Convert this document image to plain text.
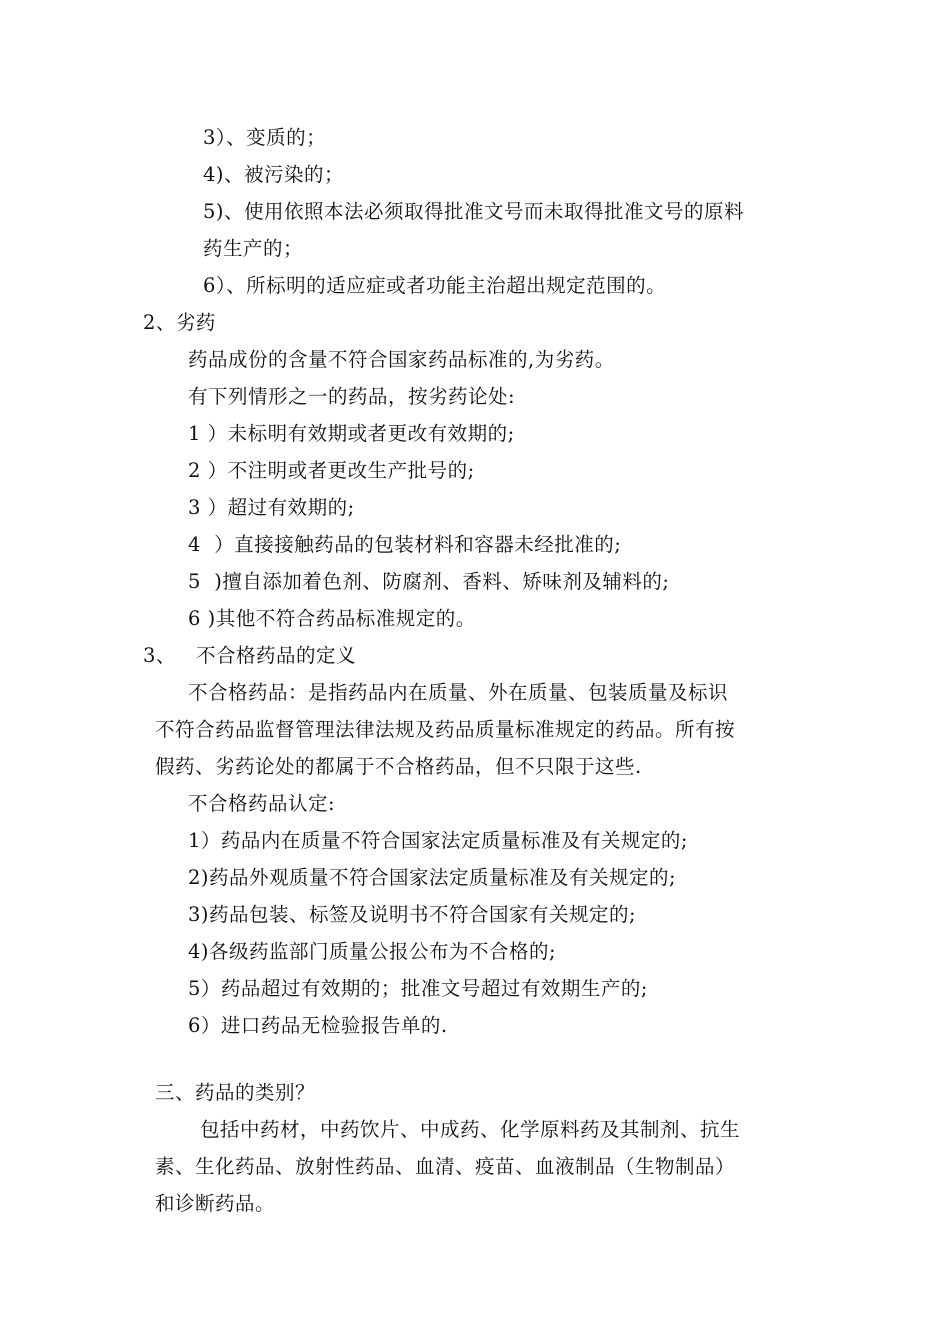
3）、变质的；
4)、被污染的；
5)、使用依照本法必须取得批准文号而未取得批准文号的原料
药生产的；
6）、所标明的适应症或者功能主治超出规定范围的。
2、劣药
药品成份的含量不符合国家药品标准的,为劣药。
有下列情形之一的药品，按劣药论处:
1 ）未标明有效期或者更改有效期的;
2 ）不注明或者更改生产批号的;
3 ）超过有效期的;
4  ）直接接触药品的包装材料和容器未经批准的;
5  )擅自添加着色剂、防腐剂、香料、矫味剂及辅料的;
6 )其他不符合药品标准规定的。
3、   不合格药品的定义
不合格药品：是指药品内在质量、外在质量、包装质量及标识
不符合药品监督管理法律法规及药品质量标准规定的药品。所有按
假药、劣药论处的都属于不合格药品，但不只限于这些.
不合格药品认定:
1）药品内在质量不符合国家法定质量标准及有关规定的;
2)药品外观质量不符合国家法定质量标准及有关规定的;
3)药品包装、标签及说明书不符合国家有关规定的;
4)各级药监部门质量公报公布为不合格的;
5）药品超过有效期的；批准文号超过有效期生产的;
6）进口药品无检验报告单的.
三、药品的类别？
包括中药材，中药饮片、中成药、化学原料药及其制剂、抗生
素、生化药品、放射性药品、血清、疫苗、血液制品（生物制品）
和诊断药品。
